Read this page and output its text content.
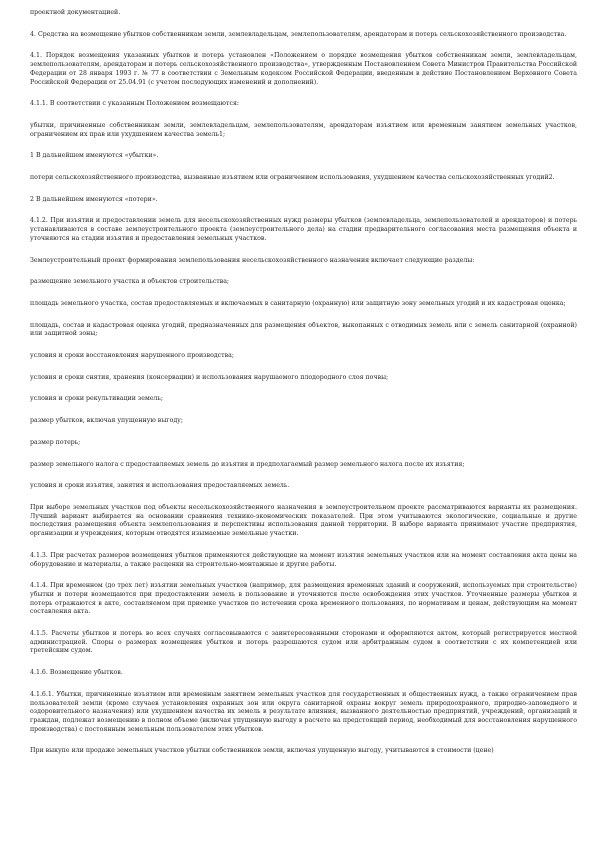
проектной документацией.

4. Средства на возмещение убытков собственникам земли, землевладельцам, землепользователям, арендаторам и потерь сельскохозяйственного производства.

4.1. Порядок возмещения указанных убытков и потерь установлен «Положением о порядке возмещения убытков собственникам земли, землевладельцам, землепользователям, арендаторам и потерь сельскохозяйственного производства», утвержденным Постановлением Совета Министров Правительства Российской Федерации от 28 января 1993 г. № 77 в соответствии с Земельным кодексом Российской Федерации, введенным в действие Постановлением Верховного Совета Российской Федерации от 25.04.91 (с учетом последующих изменений и дополнений).

4.1.1. В соответствии с указанным Положением возмещаются:

убытки, причиненные собственникам земли, землевладельцам, землепользователям, арендаторам изъятием или временным занятием земельных участков, ограничением их прав или ухудшением качества земель1;

1 В дальнейшем именуются «убытки».

потери сельскохозяйственного производства, вызванные изъятием или ограничением использования, ухудшением качества сельскохозяйственных угодий2.

2 В дальнейшем именуются «потери».

4.1.2. При изъятии и предоставлении земель для несельскохозяйственных нужд размеры убытков (землевладельца, землепользователей и арендаторов) и потерь устанавливаются в составе землеустроительного проекта (землеустроительного дела) на стадии предварительного согласования места размещения объекта и уточняются на стадии изъятия и предоставления земельных участков.

Землеустроительный проект формирования землепользования несельскохозяйственного назначения включает следующие разделы:

размещение земельного участка и объектов строительства;

площадь земельного участка, состав предоставляемых и включаемых в санитарную (охранную) или защитную зону земельных угодий и их кадастровая оценка;

площадь, состав и кадастровая оценка угодий, предназначенных для размещения объектов, выкопанных с отводимых земель или с земель санитарной (охранной) или защитной зоны;

условия и сроки восстановления нарушенного производства;

условия и сроки снятия, хранения (консервации) и использования нарушаемого плодородного слоя почвы;

условия и сроки рекультивации земель;

размер убытков, включая упущенную выгоду;

размер потерь;

размер земельного налога с предоставляемых земель до изъятия и предполагаемый размер земельного налога после их изъятия;

условия и сроки изъятия, занятия и использования предоставляемых земель.

При выборе земельных участков под объекты несельскохозяйственного назначения в землеустроительном проекте рассматриваются варианты их размещения. Лучший вариант выбирается на основании сравнения технико-экономических показателей. При этом учитываются экологические, социальные и другие последствия размещения объекта землепользования и перспективы использования данной территории. В выборе варианта принимают участие предприятия, организации и учреждения, которым отводятся изымаемые земельные участки.

4.1.3. При расчетах размеров возмещения убытков применяются действующие на момент изъятия земельных участков или на момент составления акта цены на оборудование и материалы, а также расценки на строительно-монтажные и другие работы.

4.1.4. При временном (до трех лет) изъятии земельных участков (например, для размещения временных зданий и сооружений, используемых при строительстве) убытки и потери возмещаются при предоставлении земель в пользование и уточняются после освобождения этих участков. Уточненные размеры убытков и потерь отражаются в акте, составляемом при приемке участков по истечении срока временного пользования, по нормативам и ценам, действующим на момент составления акта.

4.1.5. Расчеты убытков и потерь во всех случаях согласовываются с заинтересованными сторонами и оформляются актом, который регистрируется местной администрацией. Споры о размерах возмещения убытков и потерь разрешаются судом или арбитражным судом в соответствии с их компетенцией или третейским судом.

4.1.6. Возмещение убытков.

4.1.6.1. Убытки, причиненные изъятием или временным занятием земельных участков для государственных и общественных нужд, а также ограничением прав пользователей земли (кроме случаев установления охранных зон или округа санитарной охраны вокруг земель природоохранного, природно-заповедного и оздоровительного назначения) или ухудшением качества их земель в результате влияния, вызванного деятельностью предприятий, учреждений, организаций и граждан, подлежат возмещению в полном объеме (включая упущенную выгоду в расчете на предстоящий период, необходимый для восстановления нарушенного производства) с постоянным земельным пользователем этих убытков.

При выкупе или продаже земельных участков убытки собственников земли, включая упущенную выгоду, учитываются в стоимости (цене)
